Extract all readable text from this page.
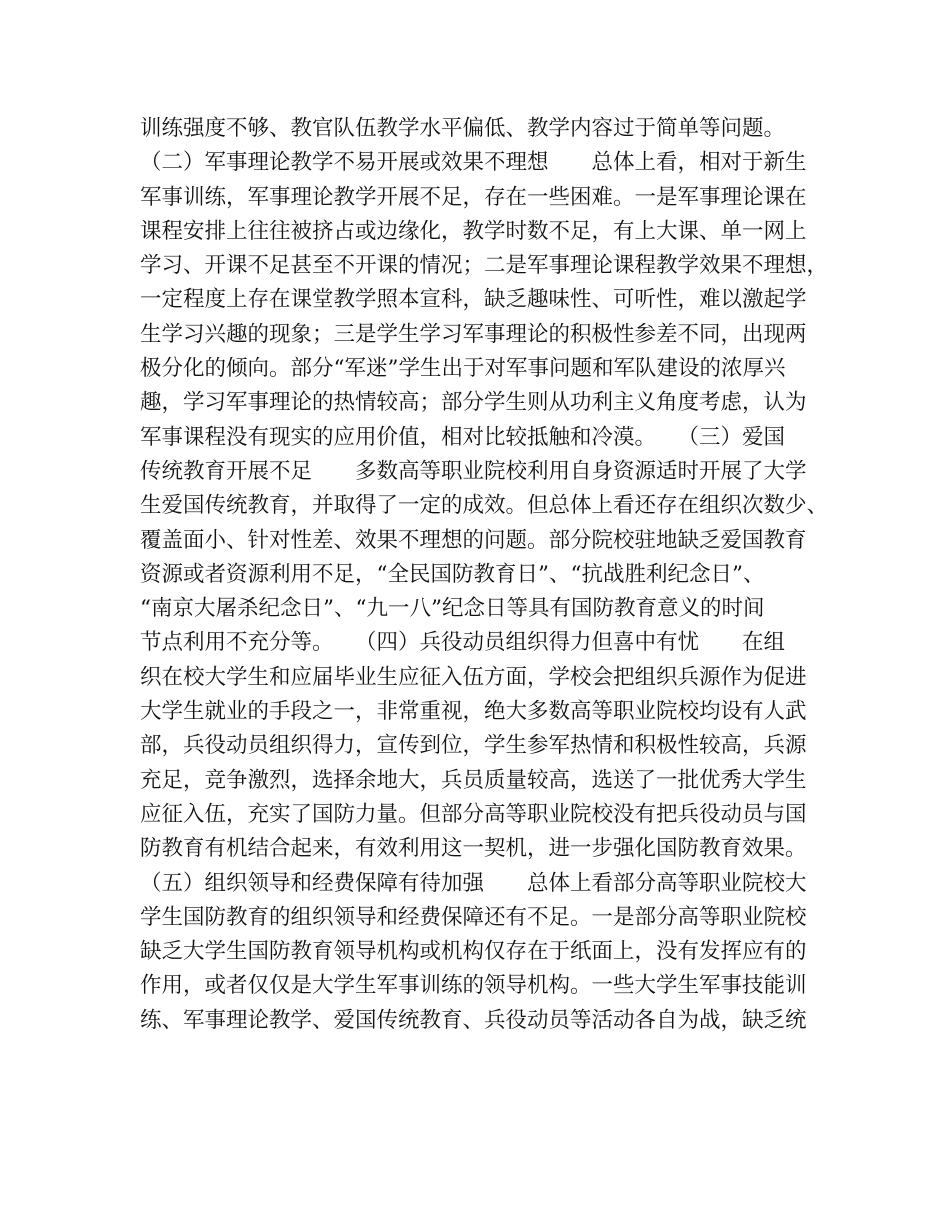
训练强度不够、教官队伍教学水平偏低、教学内容过于简单等问题。
（二）军事理论教学不易开展或效果不理想　　总体上看，相对于新生
军事训练，军事理论教学开展不足，存在一些困难。一是军事理论课在
课程安排上往往被挤占或边缘化，教学时数不足，有上大课、单一网上
学习、开课不足甚至不开课的情况；二是军事理论课程教学效果不理想，
一定程度上存在课堂教学照本宣科，缺乏趣味性、可听性，难以激起学
生学习兴趣的现象；三是学生学习军事理论的积极性参差不同，出现两
极分化的倾向。部分“军迷”学生出于对军事问题和军队建设的浓厚兴
趣，学习军事理论的热情较高；部分学生则从功利主义角度考虑，认为
军事课程没有现实的应用价值，相对比较抵触和冷漠。　　（三）爱国
传统教育开展不足　　多数高等职业院校利用自身资源适时开展了大学
生爱国传统教育，并取得了一定的成效。但总体上看还存在组织次数少、
覆盖面小、针对性差、效果不理想的问题。部分院校驻地缺乏爱国教育
资源或者资源利用不足，“全民国防教育日”、“抗战胜利纪念日”、
“南京大屠杀纪念日”、“九一八”纪念日等具有国防教育意义的时间
节点利用不充分等。　　（四）兵役动员组织得力但喜中有忧　　在组
织在校大学生和应届毕业生应征入伍方面，学校会把组织兵源作为促进
大学生就业的手段之一，非常重视，绝大多数高等职业院校均设有人武
部，兵役动员组织得力，宣传到位，学生参军热情和积极性较高，兵源
充足，竞争激烈，选择余地大，兵员质量较高，选送了一批优秀大学生
应征入伍，充实了国防力量。但部分高等职业院校没有把兵役动员与国
防教育有机结合起来，有效利用这一契机，进一步强化国防教育效果。
（五）组织领导和经费保障有待加强　　总体上看部分高等职业院校大
学生国防教育的组织领导和经费保障还有不足。一是部分高等职业院校
缺乏大学生国防教育领导机构或机构仅存在于纸面上，没有发挥应有的
作用，或者仅仅是大学生军事训练的领导机构。一些大学生军事技能训
练、军事理论教学、爱国传统教育、兵役动员等活动各自为战，缺乏统
